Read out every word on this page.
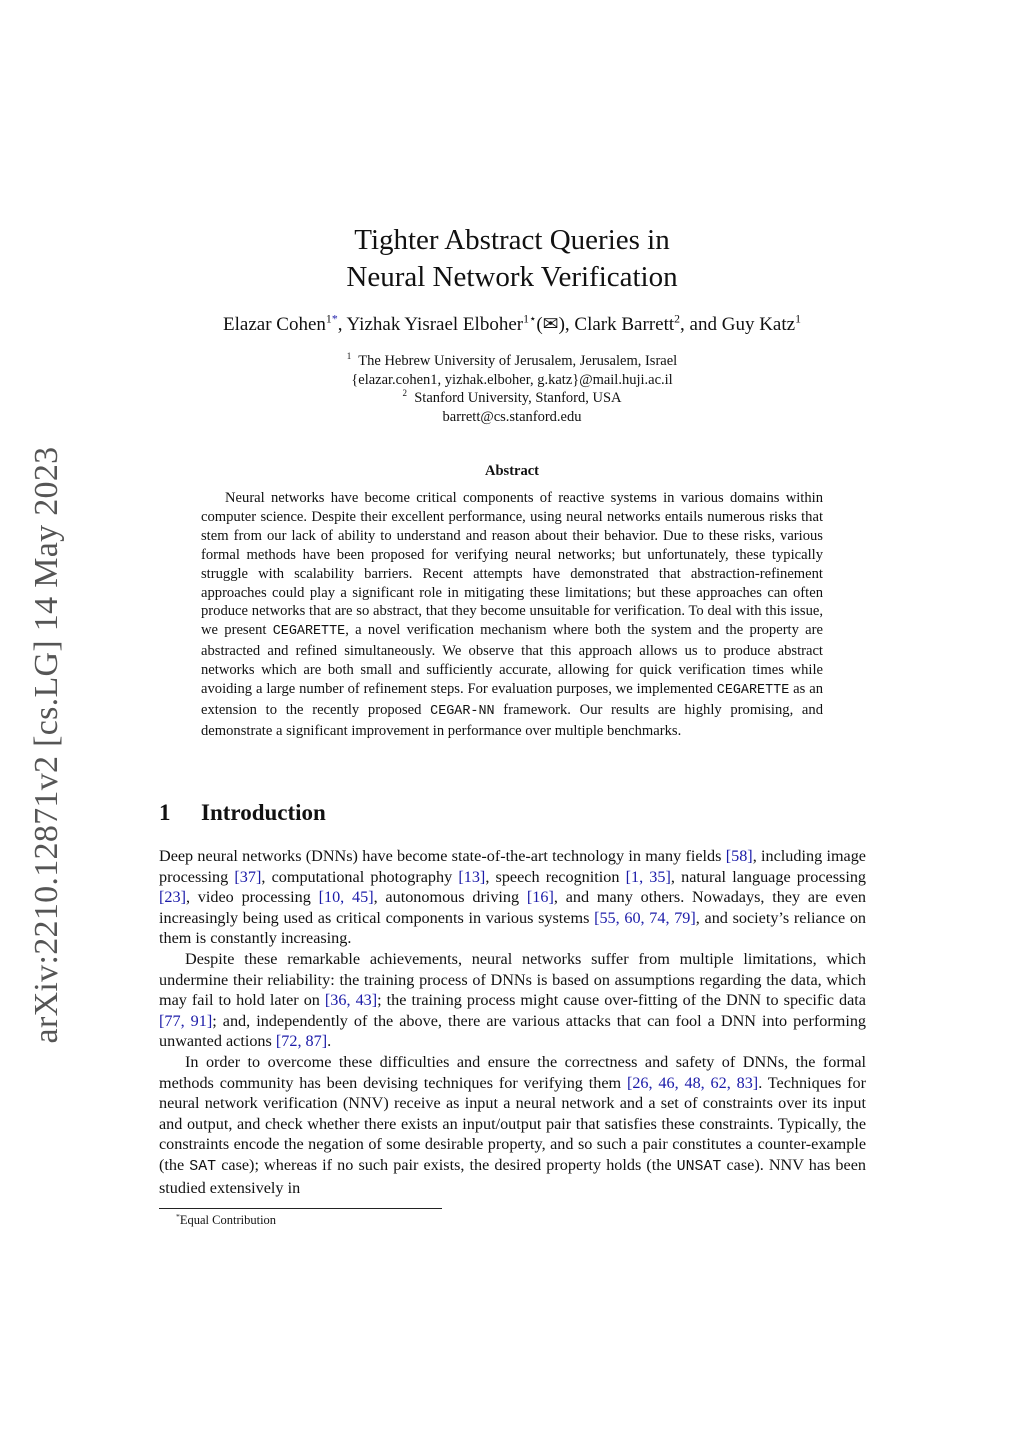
arXiv:2210.12871v2 [cs.LG] 14 May 2023
Tighter Abstract Queries in
Neural Network Verification
Elazar Cohen$^{1*}$, Yizhak Yisrael Elboher$^{1⋆}$(✉), Clark Barrett$^2$, and Guy Katz$^1$
$^1$ The Hebrew University of Jerusalem, Jerusalem, Israel
{elazar.cohen1, yizhak.elboher, g.katz}@mail.huji.ac.il
$^2$ Stanford University, Stanford, USA
barrett@cs.stanford.edu
Abstract

Neural networks have become critical components of reactive systems in various domains within computer science. Despite their excellent performance, using neural networks entails numerous risks that stem from our lack of ability to understand and reason about their behavior. Due to these risks, various formal methods have been proposed for verifying neural networks; but unfortunately, these typically struggle with scalability barriers. Recent attempts have demonstrated that abstraction-refinement approaches could play a significant role in mitigating these limitations; but these approaches can often produce networks that are so abstract, that they become unsuitable for verification. To deal with this issue, we present CEGARETTE, a novel verification mechanism where both the system and the property are abstracted and refined simultaneously. We observe that this approach allows us to produce abstract networks which are both small and sufficiently accurate, allowing for quick verification times while avoiding a large number of refinement steps. For evaluation purposes, we implemented CEGARETTE as an extension to the recently proposed CEGAR-NN framework. Our results are highly promising, and demonstrate a significant improvement in performance over multiple benchmarks.

1 Introduction

Deep neural networks (DNNs) have become state-of-the-art technology in many fields [58], including image processing [37], computational photography [13], speech recognition [1, 35], natural language processing [23], video processing [10, 45], autonomous driving [16], and many others. Nowadays, they are even increasingly being used as critical components in various systems [55, 60, 74, 79], and society’s reliance on them is constantly increasing.

Despite these remarkable achievements, neural networks suffer from multiple limitations, which undermine their reliability: the training process of DNNs is based on assumptions regarding the data, which may fail to hold later on [36, 43]; the training process might cause over-fitting of the DNN to specific data [77, 91]; and, independently of the above, there are various attacks that can fool a DNN into performing unwanted actions [72, 87].

In order to overcome these difficulties and ensure the correctness and safety of DNNs, the formal methods community has been devising techniques for verifying them [26, 46, 48, 62, 83]. Techniques for neural network verification (NNV) receive as input a neural network and a set of constraints over its input and output, and check whether there exists an input/output pair that satisfies these constraints. Typically, the constraints encode the negation of some desirable property, and so such a pair constitutes a counter-example (the SAT case); whereas if no such pair exists, the desired property holds (the UNSAT case). NNV has been studied extensively in

*Equal Contribution
